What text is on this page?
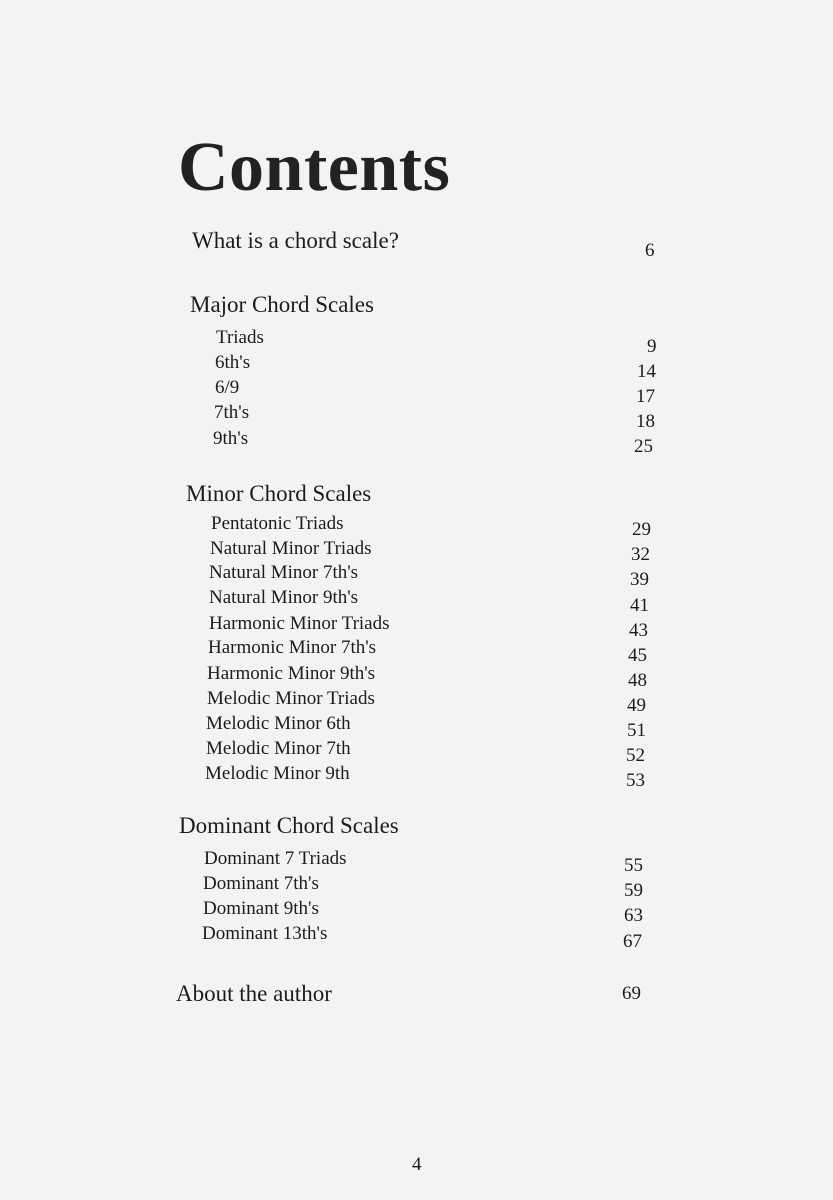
Contents
What is a chord scale?	6
Major Chord Scales
Triads	9
6th's	14
6/9	17
7th's	18
9th's	25
Minor Chord Scales
Pentatonic Triads	29
Natural Minor Triads	32
Natural Minor 7th's	39
Natural Minor 9th's	41
Harmonic Minor Triads	43
Harmonic Minor 7th's	45
Harmonic Minor 9th's	48
Melodic Minor Triads	49
Melodic Minor 6th	51
Melodic Minor 7th	52
Melodic Minor 9th	53
Dominant Chord Scales
Dominant 7 Triads	55
Dominant 7th's	59
Dominant 9th's	63
Dominant 13th's	67
About the author	69
4
